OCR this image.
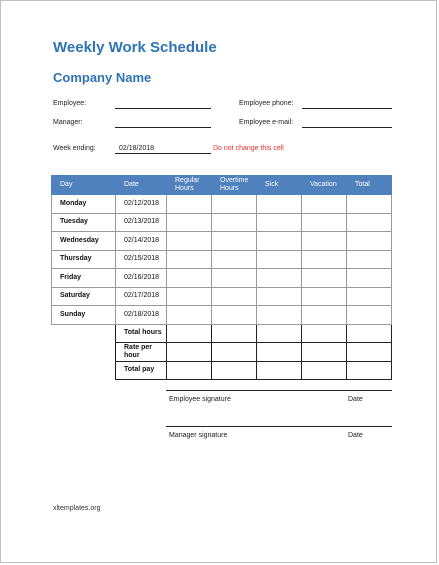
Weekly Work Schedule
Company Name
Employee:	Employee phone:
Manager:	Employee e-mail:
Week ending:	02/18/2018	Do not change this cell
Day	Date	Regular Hours	Overtime Hours	Sick	Vacation	Total
Monday	02/12/2018					
Tuesday	02/13/2018					
Wednesday	02/14/2018					
Thursday	02/15/2018					
Friday	02/16/2018					
Saturday	02/17/2018					
Sunday	02/18/2018					
	Total hours					
	Rate per hour					
	Total pay					
Employee signature	Date
Manager signature	Date
xltemplates.org
